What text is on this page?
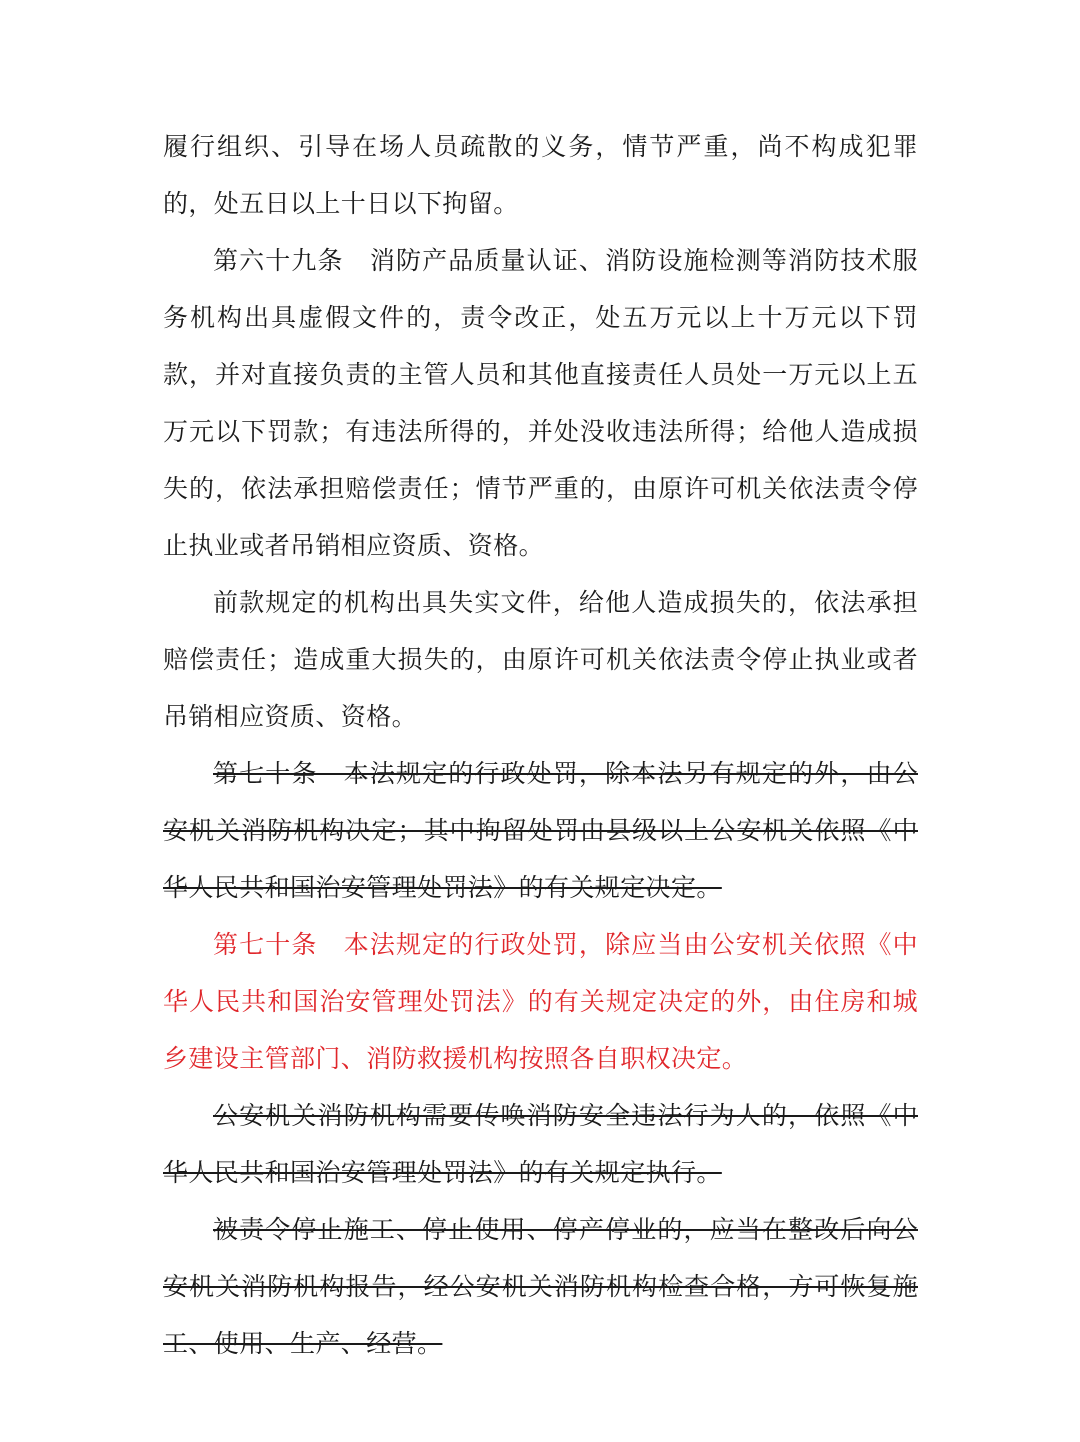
履行组织、引导在场人员疏散的义务，情节严重，尚不构成犯罪的，处五日以上十日以下拘留。

第六十九条　消防产品质量认证、消防设施检测等消防技术服务机构出具虚假文件的，责令改正，处五万元以上十万元以下罚款，并对直接负责的主管人员和其他直接责任人员处一万元以上五万元以下罚款；有违法所得的，并处没收违法所得；给他人造成损失的，依法承担赔偿责任；情节严重的，由原许可机关依法责令停止执业或者吊销相应资质、资格。

前款规定的机构出具失实文件，给他人造成损失的，依法承担赔偿责任；造成重大损失的，由原许可机关依法责令停止执业或者吊销相应资质、资格。

第七十条　本法规定的行政处罚，除本法另有规定的外，由公安机关消防机构决定；其中拘留处罚由县级以上公安机关依照《中华人民共和国治安管理处罚法》的有关规定决定。

第七十条　本法规定的行政处罚，除应当由公安机关依照《中华人民共和国治安管理处罚法》的有关规定决定的外，由住房和城乡建设主管部门、消防救援机构按照各自职权决定。

公安机关消防机构需要传唤消防安全违法行为人的，依照《中华人民共和国治安管理处罚法》的有关规定执行。

被责令停止施工、停止使用、停产停业的，应当在整改后向公安机关消防机构报告，经公安机关消防机构检查合格，方可恢复施工、使用、生产、经营。
